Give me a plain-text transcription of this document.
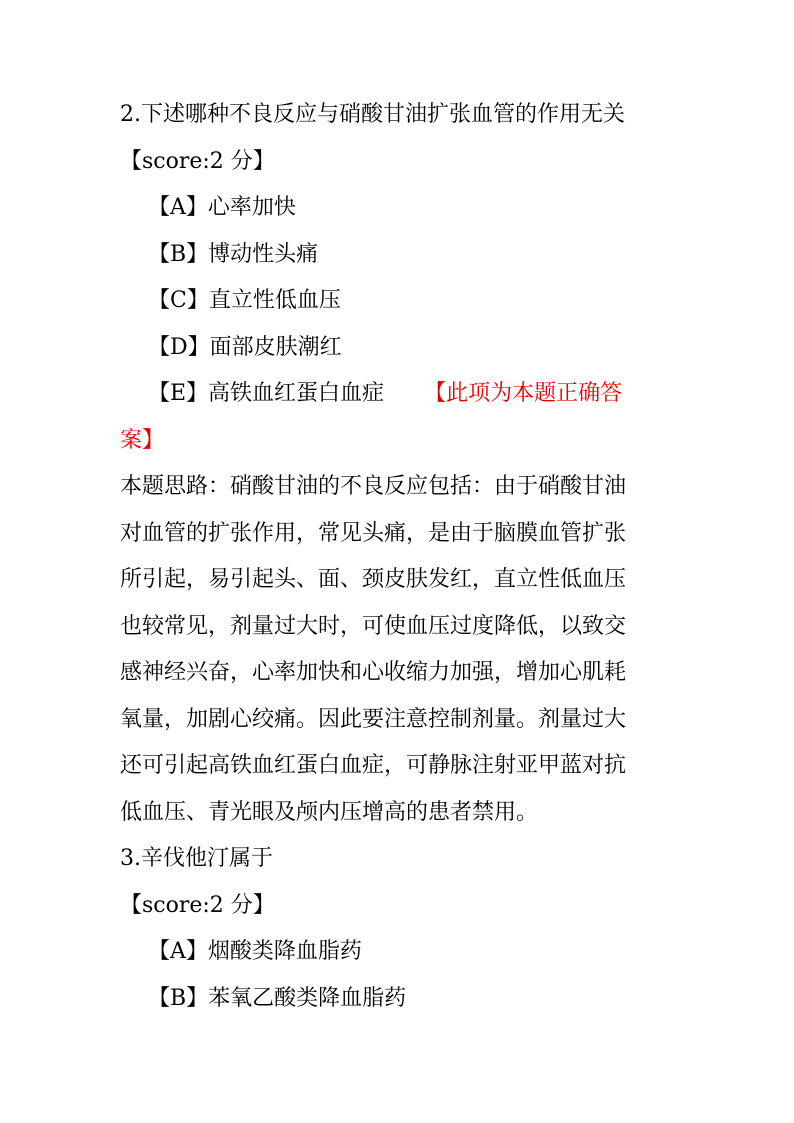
2.下述哪种不良反应与硝酸甘油扩张血管的作用无关
【score:2 分】
【A】心率加快
【B】博动性头痛
【C】直立性低血压
【D】面部皮肤潮红
【E】高铁血红蛋白血症 【此项为本题正确答
案】
本题思路：硝酸甘油的不良反应包括：由于硝酸甘油
对血管的扩张作用，常见头痛，是由于脑膜血管扩张
所引起，易引起头、面、颈皮肤发红，直立性低血压
也较常见，剂量过大时，可使血压过度降低，以致交
感神经兴奋，心率加快和心收缩力加强，增加心肌耗
氧量，加剧心绞痛。因此要注意控制剂量。剂量过大
还可引起高铁血红蛋白血症，可静脉注射亚甲蓝对抗
低血压、青光眼及颅内压增高的患者禁用。
3.辛伐他汀属于
【score:2 分】
【A】烟酸类降血脂药
【B】苯氧乙酸类降血脂药
